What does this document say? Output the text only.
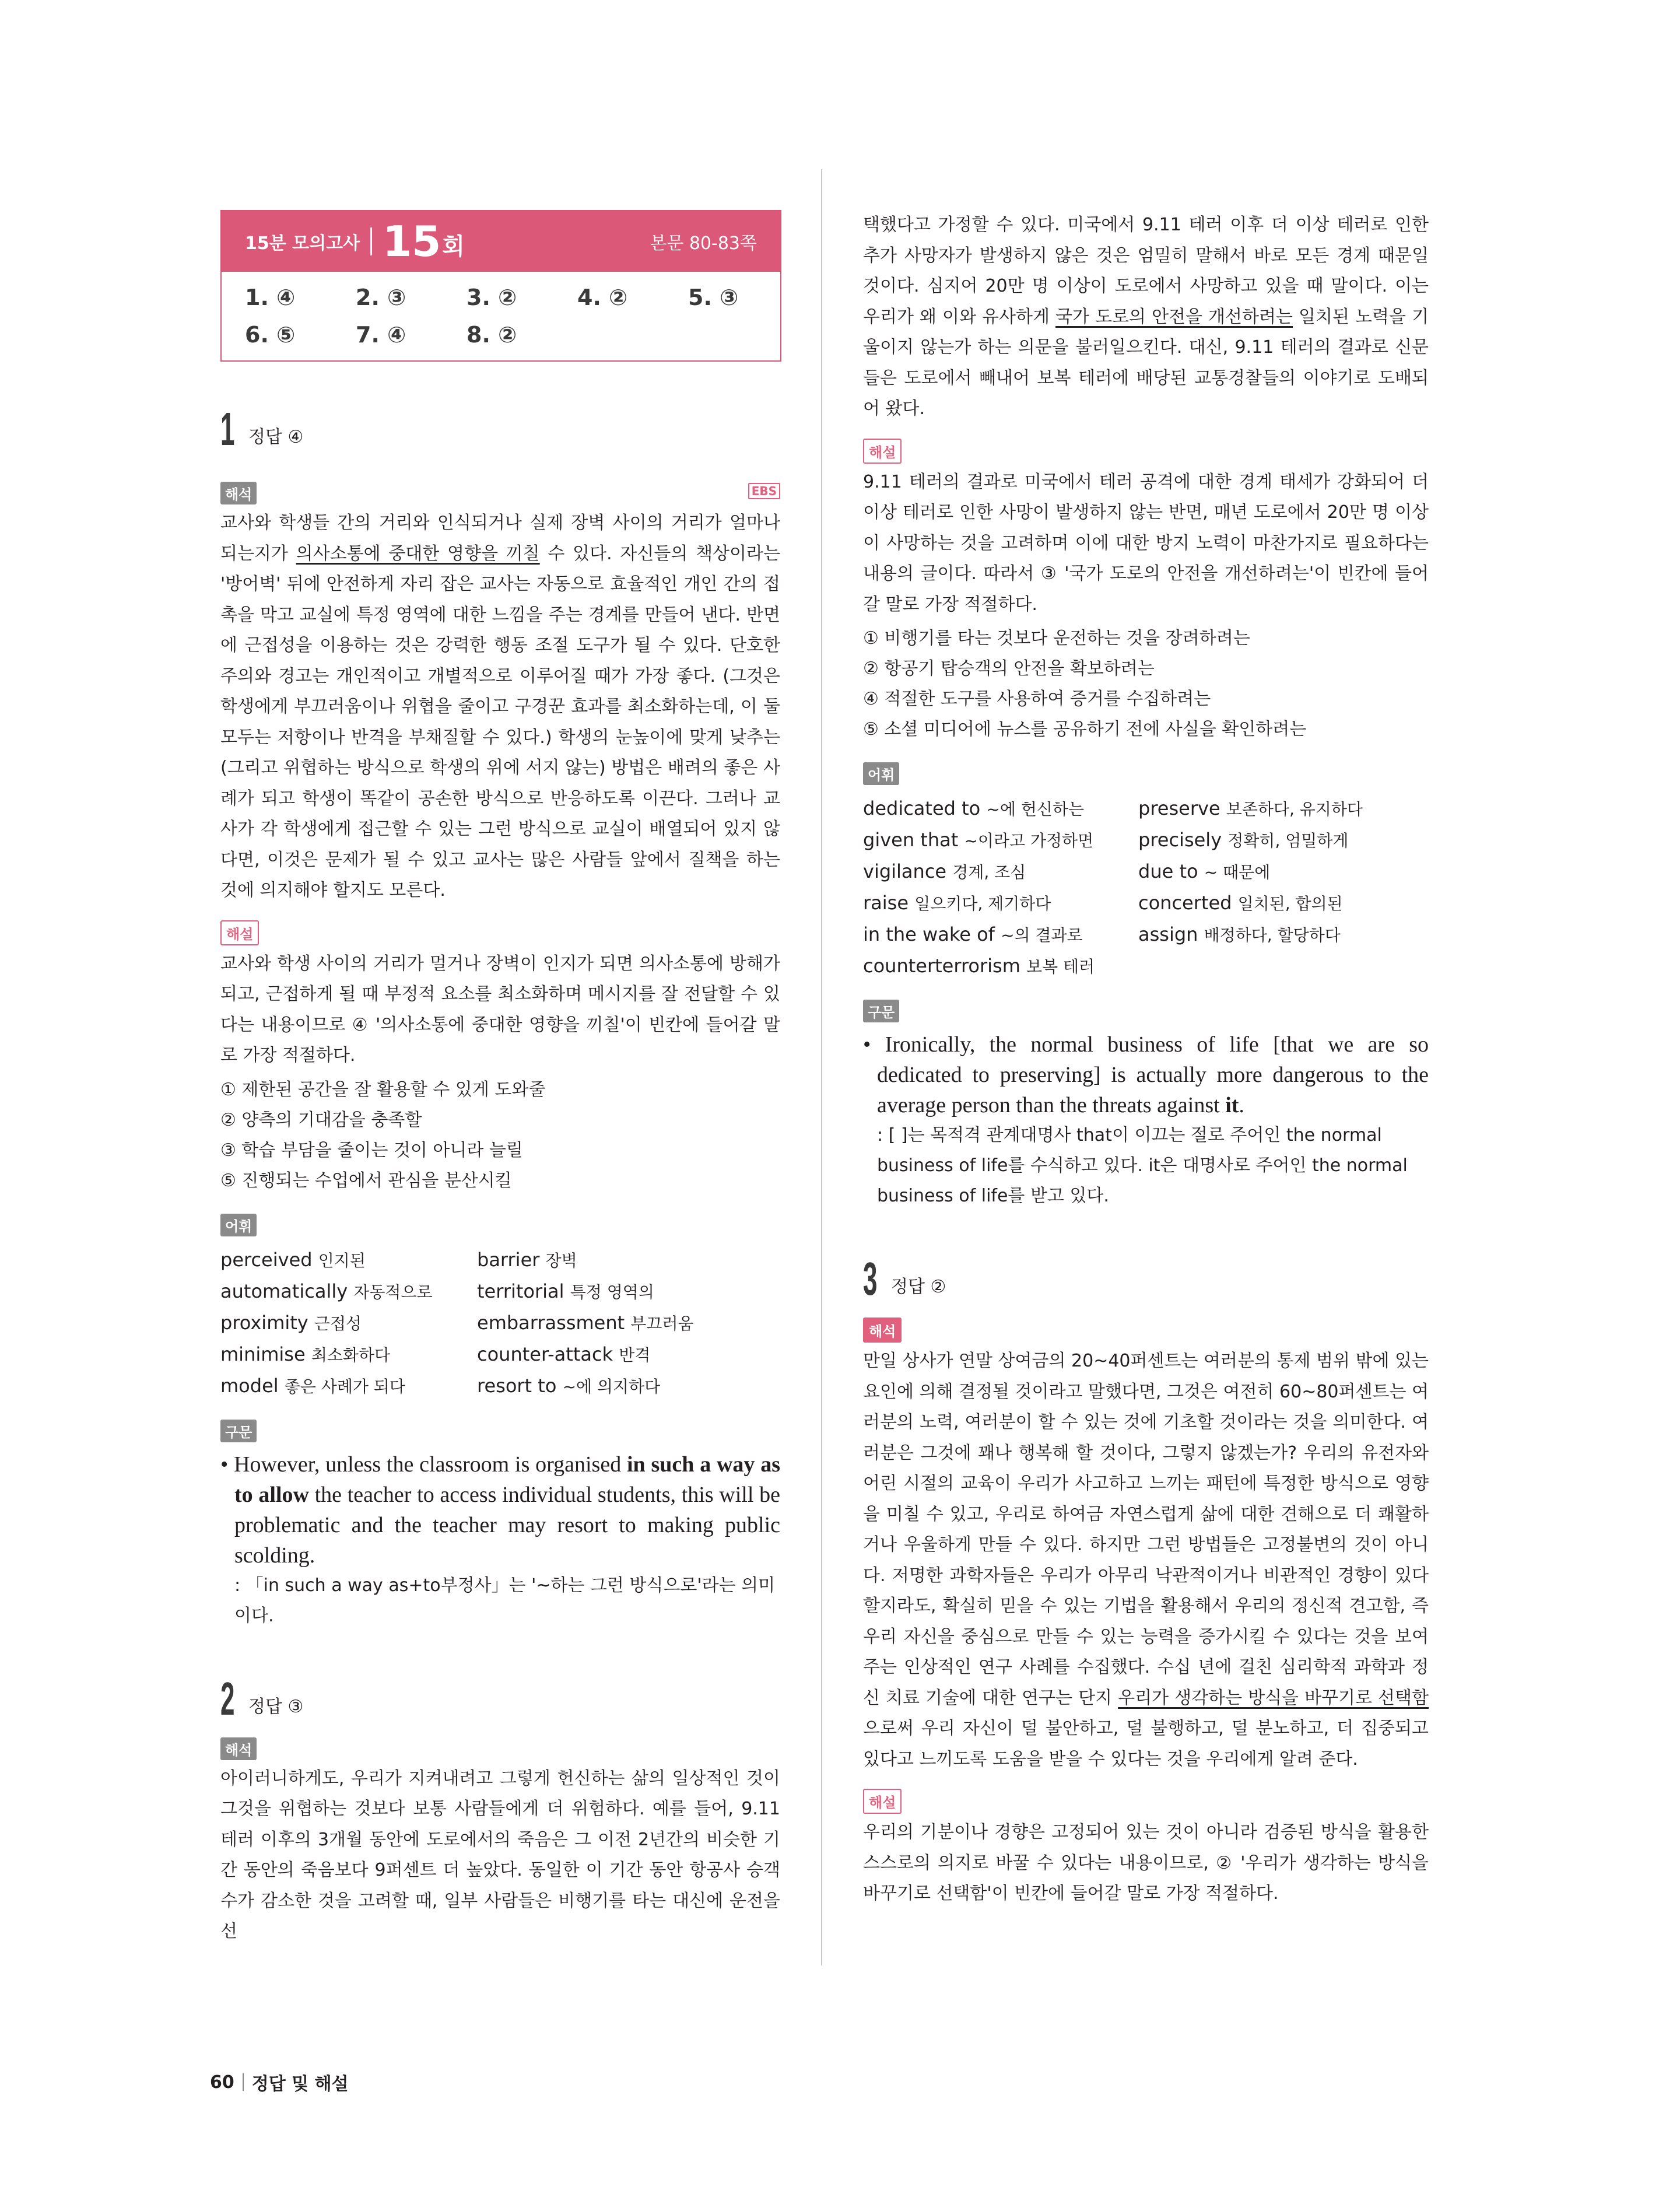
15분 모의고사 15 회	본문 80-83쪽
1. ④	2. ③	3. ②	4. ②	5. ③
6. ⑤	7. ④	8. ②
1 정답 ④
해석	EBS

교사와 학생들 간의 거리와 인식되거나 실제 장벽 사이의 거리가 얼마나 되는지가 의사소통에 중대한 영향을 끼칠 수 있다. 자신들의 책상이라는 '방어벽' 뒤에 안전하게 자리 잡은 교사는 자동으로 효율적인 개인 간의 접촉을 막고 교실에 특정 영역에 대한 느낌을 주는 경계를 만들어 낸다. 반면에 근접성을 이용하는 것은 강력한 행동 조절 도구가 될 수 있다. 단호한 주의와 경고는 개인적이고 개별적으로 이루어질 때가 가장 좋다. (그것은 학생에게 부끄러움이나 위협을 줄이고 구경꾼 효과를 최소화하는데, 이 둘 모두는 저항이나 반격을 부채질할 수 있다.) 학생의 눈높이에 맞게 낮추는 (그리고 위협하는 방식으로 학생의 위에 서지 않는) 방법은 배려의 좋은 사례가 되고 학생이 똑같이 공손한 방식으로 반응하도록 이끈다. 그러나 교사가 각 학생에게 접근할 수 있는 그런 방식으로 교실이 배열되어 있지 않다면, 이것은 문제가 될 수 있고 교사는 많은 사람들 앞에서 질책을 하는 것에 의지해야 할지도 모른다.

해설

교사와 학생 사이의 거리가 멀거나 장벽이 인지가 되면 의사소통에 방해가 되고, 근접하게 될 때 부정적 요소를 최소화하며 메시지를 잘 전달할 수 있다는 내용이므로 ④ '의사소통에 중대한 영향을 끼칠'이 빈칸에 들어갈 말로 가장 적절하다.

① 제한된 공간을 잘 활용할 수 있게 도와줄
② 양측의 기대감을 충족할
③ 학습 부담을 줄이는 것이 아니라 늘릴
⑤ 진행되는 수업에서 관심을 분산시킬
어휘
perceived 인지된	barrier 장벽
automatically 자동적으로	territorial 특정 영역의
proximity 근접성	embarrassment 부끄러움
minimise 최소화하다	counter-attack 반격
model 좋은 사례가 되다	resort to ~에 의지하다
구문
• However, unless the classroom is organised in such a way as to allow the teacher to access individual students, this will be problematic and the teacher may resort to making public scolding.
: 「in such a way as+to부정사」는 '~하는 그런 방식으로'라는 의미이다.
2 정답 ③
해석

아이러니하게도, 우리가 지켜내려고 그렇게 헌신하는 삶의 일상적인 것이 그것을 위협하는 것보다 보통 사람들에게 더 위험하다. 예를 들어, 9.11 테러 이후의 3개월 동안에 도로에서의 죽음은 그 이전 2년간의 비슷한 기간 동안의 죽음보다 9퍼센트 더 높았다. 동일한 이 기간 동안 항공사 승객 수가 감소한 것을 고려할 때, 일부 사람들은 비행기를 타는 대신에 운전을 선

택했다고 가정할 수 있다. 미국에서 9.11 테러 이후 더 이상 테러로 인한 추가 사망자가 발생하지 않은 것은 엄밀히 말해서 바로 모든 경계 때문일 것이다. 심지어 20만 명 이상이 도로에서 사망하고 있을 때 말이다. 이는 우리가 왜 이와 유사하게 국가 도로의 안전을 개선하려는 일치된 노력을 기울이지 않는가 하는 의문을 불러일으킨다. 대신, 9.11 테러의 결과로 신문들은 도로에서 빼내어 보복 테러에 배당된 교통경찰들의 이야기로 도배되어 왔다.

해설

9.11 테러의 결과로 미국에서 테러 공격에 대한 경계 태세가 강화되어 더 이상 테러로 인한 사망이 발생하지 않는 반면, 매년 도로에서 20만 명 이상이 사망하는 것을 고려하며 이에 대한 방지 노력이 마찬가지로 필요하다는 내용의 글이다. 따라서 ③ '국가 도로의 안전을 개선하려는'이 빈칸에 들어갈 말로 가장 적절하다.

① 비행기를 타는 것보다 운전하는 것을 장려하려는
② 항공기 탑승객의 안전을 확보하려는
④ 적절한 도구를 사용하여 증거를 수집하려는
⑤ 소셜 미디어에 뉴스를 공유하기 전에 사실을 확인하려는
어휘
dedicated to ~에 헌신하는	preserve 보존하다, 유지하다
given that ~이라고 가정하면	precisely 정확히, 엄밀하게
vigilance 경계, 조심	due to ~ 때문에
raise 일으키다, 제기하다	concerted 일치된, 합의된
in the wake of ~의 결과로	assign 배정하다, 할당하다
counterterrorism 보복 테러
구문
• Ironically, the normal business of life [that we are so dedicated to preserving] is actually more dangerous to the average person than the threats against it.
: [ ]는 목적격 관계대명사 that이 이끄는 절로 주어인 the normal business of life를 수식하고 있다. it은 대명사로 주어인 the normal business of life를 받고 있다.
3 정답 ②
해석

만일 상사가 연말 상여금의 20~40퍼센트는 여러분의 통제 범위 밖에 있는 요인에 의해 결정될 것이라고 말했다면, 그것은 여전히 60~80퍼센트는 여러분의 노력, 여러분이 할 수 있는 것에 기초할 것이라는 것을 의미한다. 여러분은 그것에 꽤나 행복해 할 것이다, 그렇지 않겠는가? 우리의 유전자와 어린 시절의 교육이 우리가 사고하고 느끼는 패턴에 특정한 방식으로 영향을 미칠 수 있고, 우리로 하여금 자연스럽게 삶에 대한 견해으로 더 쾌활하거나 우울하게 만들 수 있다. 하지만 그런 방법들은 고정불변의 것이 아니다. 저명한 과학자들은 우리가 아무리 낙관적이거나 비관적인 경향이 있다 할지라도, 확실히 믿을 수 있는 기법을 활용해서 우리의 정신적 견고함, 즉 우리 자신을 중심으로 만들 수 있는 능력을 증가시킬 수 있다는 것을 보여 주는 인상적인 연구 사례를 수집했다. 수십 년에 걸친 심리학적 과학과 정신 치료 기술에 대한 연구는 단지 우리가 생각하는 방식을 바꾸기로 선택함으로써 우리 자신이 덜 불안하고, 덜 불행하고, 덜 분노하고, 더 집중되고 있다고 느끼도록 도움을 받을 수 있다는 것을 우리에게 알려 준다.

해설

우리의 기분이나 경향은 고정되어 있는 것이 아니라 검증된 방식을 활용한 스스로의 의지로 바꿀 수 있다는 내용이므로, ② '우리가 생각하는 방식을 바꾸기로 선택함'이 빈칸에 들어갈 말로 가장 적절하다.

60 정답 및 해설
